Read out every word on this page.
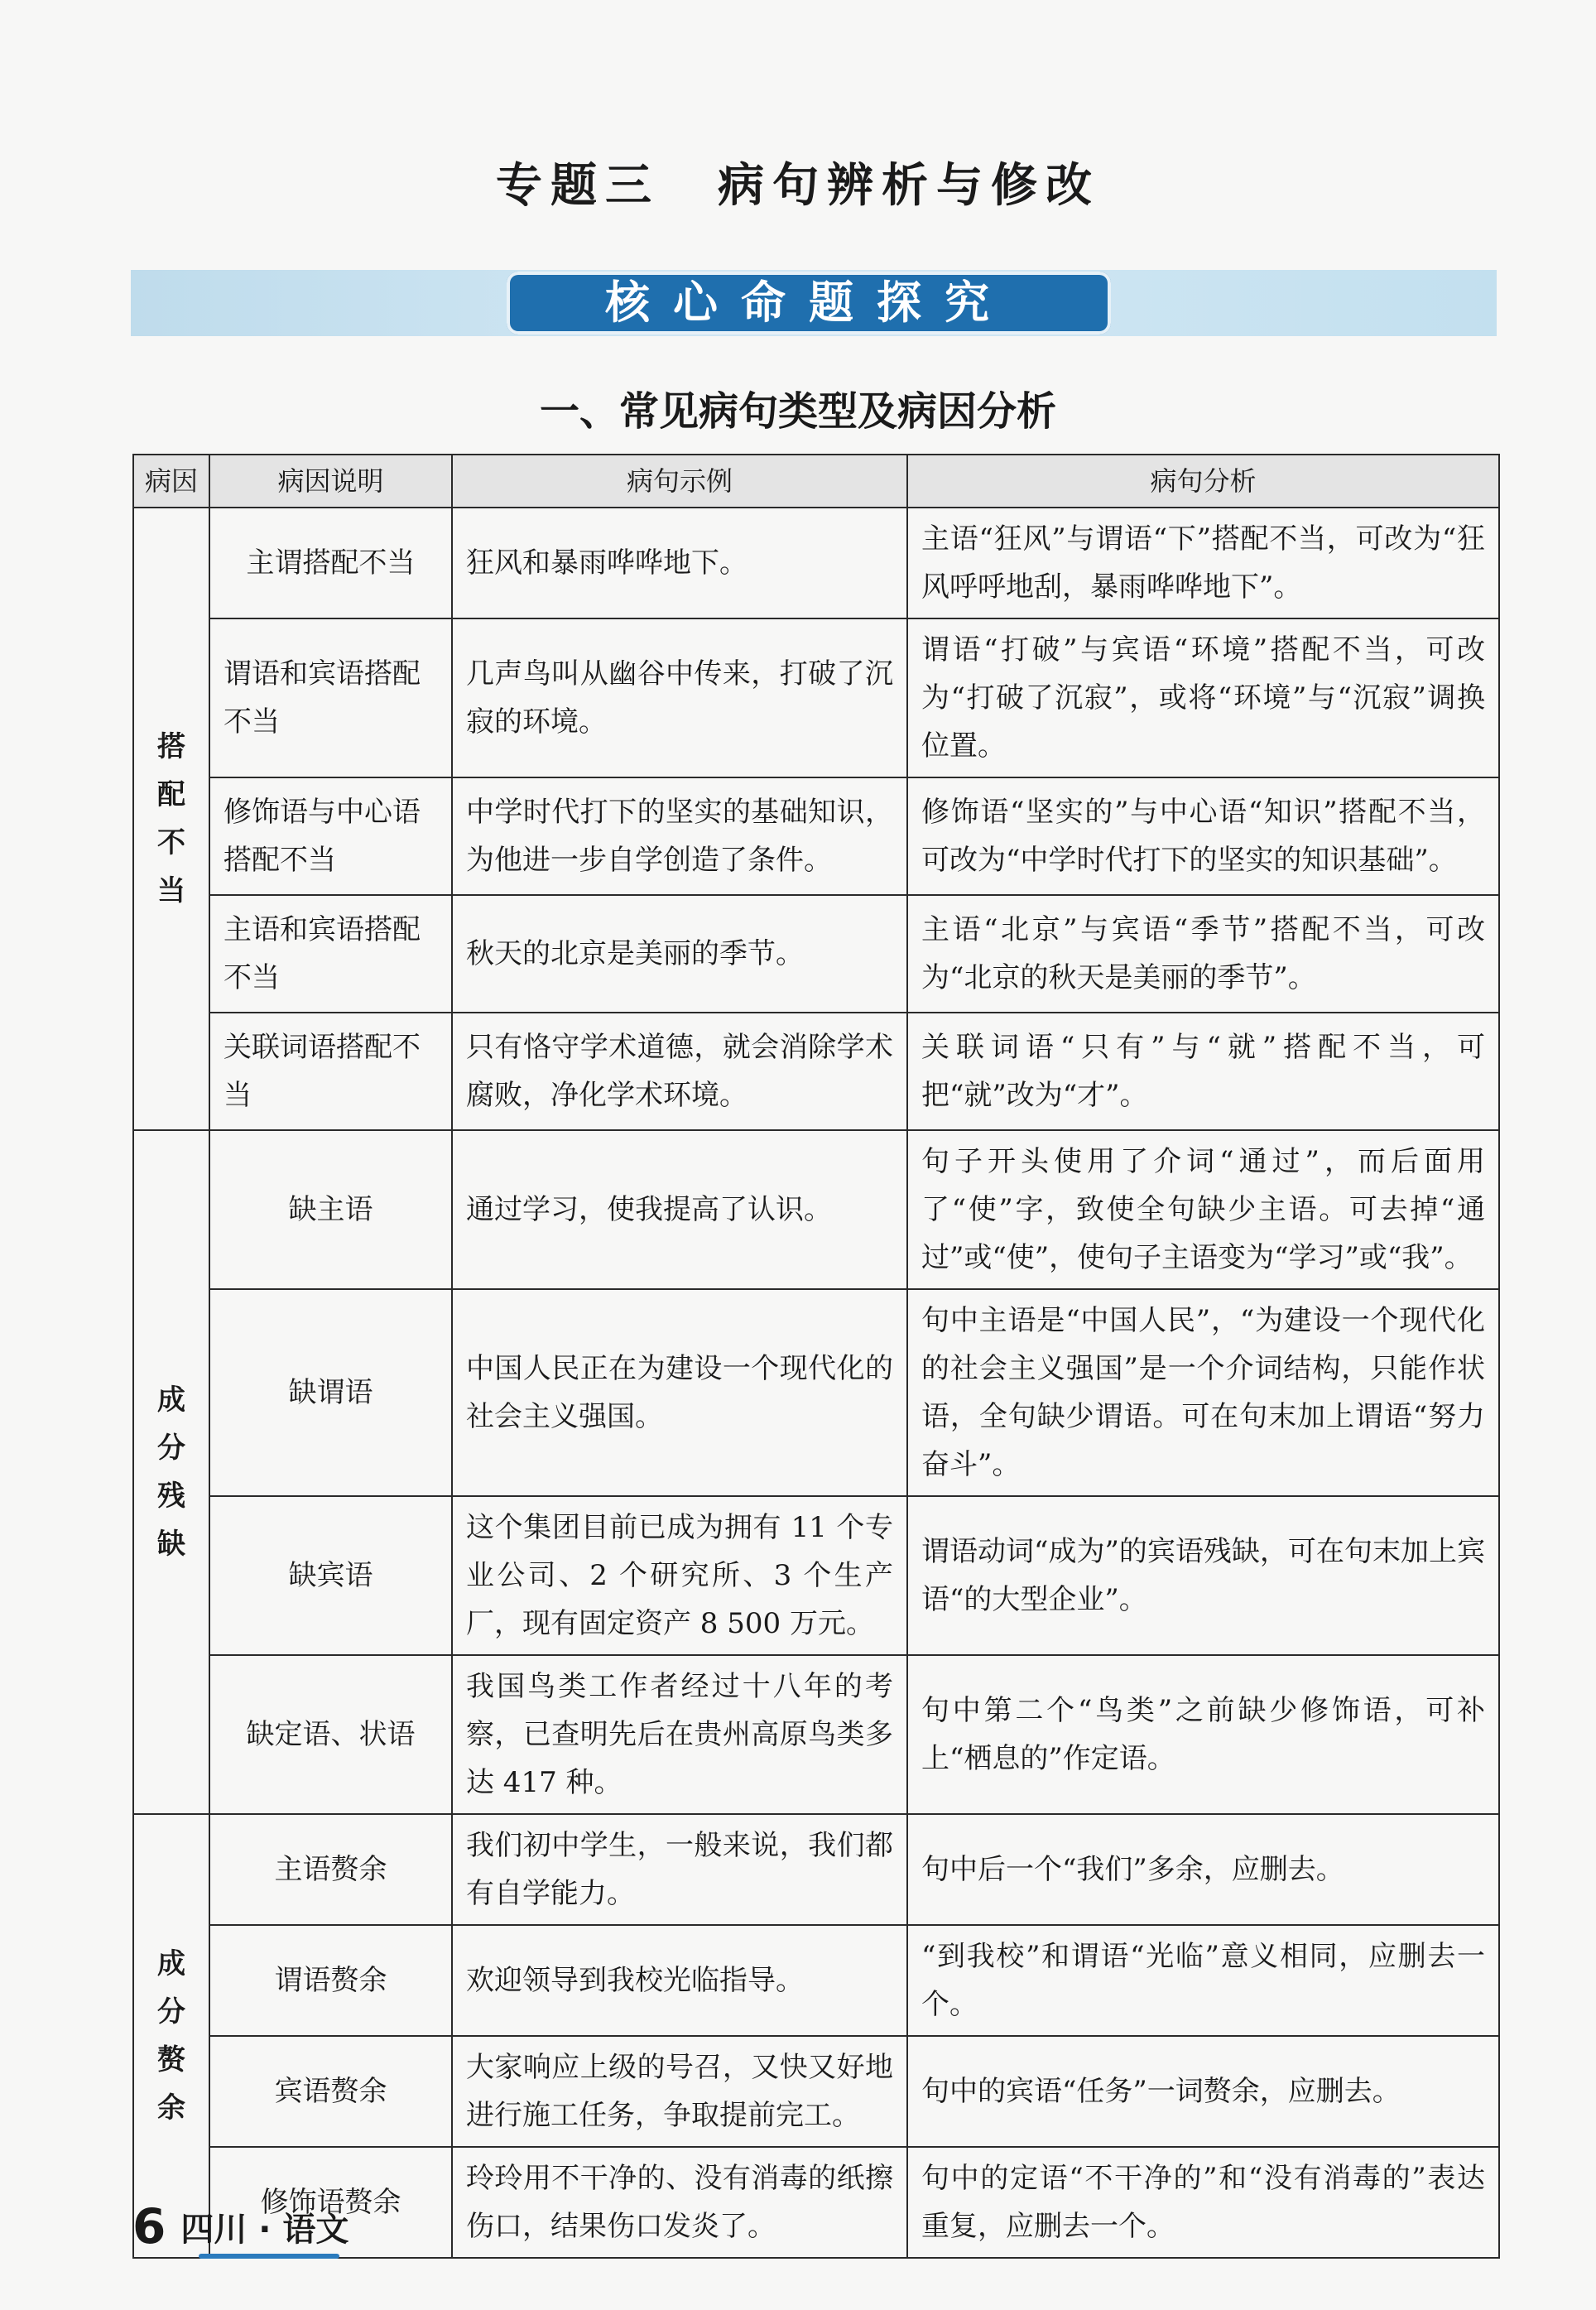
专题三 病句辨析与修改
核心命题探究
一、常见病句类型及病因分析
病因	病因说明	病句示例	病句分析

搭
配
不
当	主谓搭配不当	狂风和暴雨哗哗地下。	主语“狂风”与谓语“下”搭配不当，可改为“狂风呼呼地刮，暴雨哗哗地下”。
	谓语和宾语搭配不当	几声鸟叫从幽谷中传来，打破了沉寂的环境。	谓语“打破”与宾语“环境”搭配不当，可改为“打破了沉寂”，或将“环境”与“沉寂”调换位置。
	修饰语与中心语搭配不当	中学时代打下的坚实的基础知识，为他进一步自学创造了条件。	修饰语“坚实的”与中心语“知识”搭配不当，可改为“中学时代打下的坚实的知识基础”。
	主语和宾语搭配不当	秋天的北京是美丽的季节。	主语“北京”与宾语“季节”搭配不当，可改为“北京的秋天是美丽的季节”。
	关联词语搭配不当	只有恪守学术道德，就会消除学术腐败，净化学术环境。	关联词语“只有”与“就”搭配不当，可把“就”改为“才”。

成
分
残
缺	缺主语	通过学习，使我提高了认识。	句子开头使用了介词“通过”，而后面用了“使”字，致使全句缺少主语。可去掉“通过”或“使”，使句子主语变为“学习”或“我”。
	缺谓语	中国人民正在为建设一个现代化的社会主义强国。	句中主语是“中国人民”，“为建设一个现代化的社会主义强国”是一个介词结构，只能作状语，全句缺少谓语。可在句末加上谓语“努力奋斗”。
	缺宾语	这个集团目前已成为拥有 11 个专业公司、2 个研究所、3 个生产厂，现有固定资产 8 500 万元。	谓语动词“成为”的宾语残缺，可在句末加上宾语“的大型企业”。
	缺定语、状语	我国鸟类工作者经过十八年的考察，已查明先后在贵州高原鸟类多达 417 种。	句中第二个“鸟类”之前缺少修饰语，可补上“栖息的”作定语。

成
分
赘
余	主语赘余	我们初中学生，一般来说，我们都有自学能力。	句中后一个“我们”多余，应删去。
	谓语赘余	欢迎领导到我校光临指导。	“到我校”和谓语“光临”意义相同，应删去一个。
	宾语赘余	大家响应上级的号召，又快又好地进行施工任务，争取提前完工。	句中的宾语“任务”一词赘余，应删去。
	修饰语赘余	玲玲用不干净的、没有消毒的纸擦伤口，结果伤口发炎了。	句中的定语“不干净的”和“没有消毒的”表达重复，应删去一个。
6 四川 · 语文
